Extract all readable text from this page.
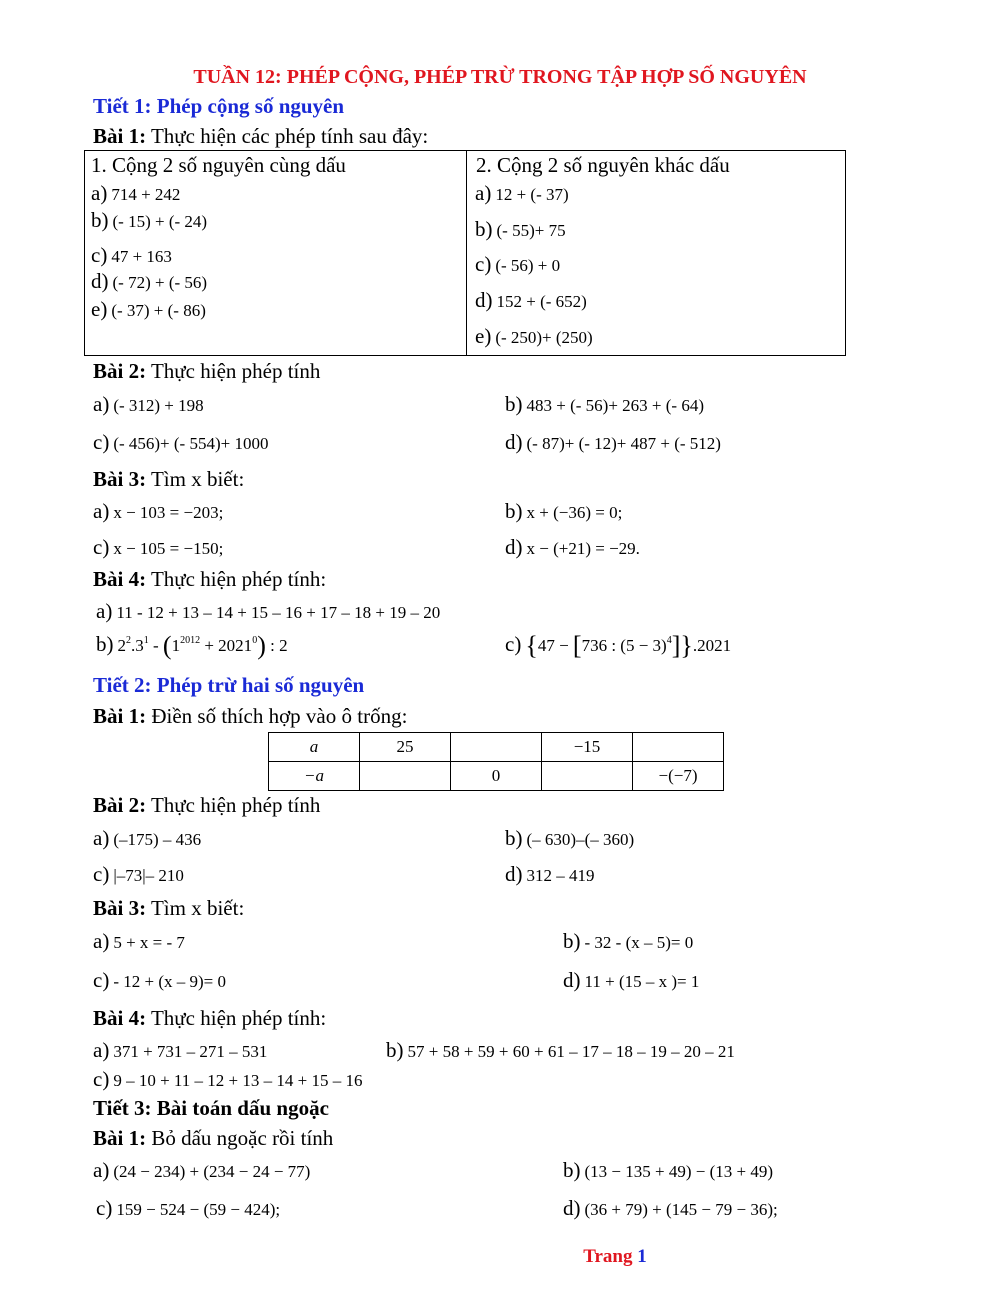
TUẦN 12: PHÉP CỘNG, PHÉP TRỪ TRONG TẬP HỢP SỐ NGUYÊN
Tiết 1: Phép cộng số nguyên
Bài 1: Thực hiện các phép tính sau đây:
1. Cộng 2 số nguyên cùng dấu	2. Cộng 2 số nguyên khác dấu
a) 714 + 242
b) (- 15) + (- 24)
c) 47 + 163
d) (- 72) + (- 56)
e) (- 37) + (- 86)
a) 12 + (- 37)
b) (- 55)+ 75
c) (- 56) + 0
d) 152 + (- 652)
e) (- 250)+ (250)
Bài 2: Thực hiện phép tính
a) (- 312) + 198	b) 483 + (- 56)+ 263 + (- 64)
c) (- 456)+ (- 554)+ 1000	d) (- 87)+ (- 12)+ 487 + (- 512)
Bài 3: Tìm x biết:
a) x − 103 = −203;	b) x + (−36) = 0;
c) x − 105 = −150;	d) x − (+21) = −29.
Bài 4: Thực hiện phép tính:
a) 11 - 12 + 13 – 14 + 15 – 16 + 17 – 18 + 19 – 20
b) $2^2.3^1 - (1^{2012} + 2021^0)$ : 2	c) {47 − [736 : $(5 - 3)^4]\}.2021$
Tiết 2: Phép trừ hai số nguyên
Bài 1: Điền số thích hợp vào ô trống:
a	25		−15	
−a		0		−(−7)
Bài 2: Thực hiện phép tính
a) (–175) – 436	b) (– 630)–(– 360)
c) |–73|– 210	d) 312 – 419
Bài 3: Tìm x biết:
a) 5 + x = - 7	b) - 32 - (x – 5)= 0
c) - 12 + (x – 9)= 0	d) 11 + (15 – x )= 1
Bài 4: Thực hiện phép tính:
a) 371 + 731 – 271 – 531	b) 57 + 58 + 59 + 60 + 61 – 17 – 18 – 19 – 20 – 21
c) 9 – 10 + 11 – 12 + 13 – 14 + 15 – 16
Tiết 3: Bài toán dấu ngoặc
Bài 1: Bỏ dấu ngoặc rồi tính
a) (24 − 234) + (234 − 24 − 77)	b) (13 − 135 + 49) − (13 + 49)
c) 159 − 524 − (59 − 424);	d) (36 + 79) + (145 − 79 − 36);
Trang 1
